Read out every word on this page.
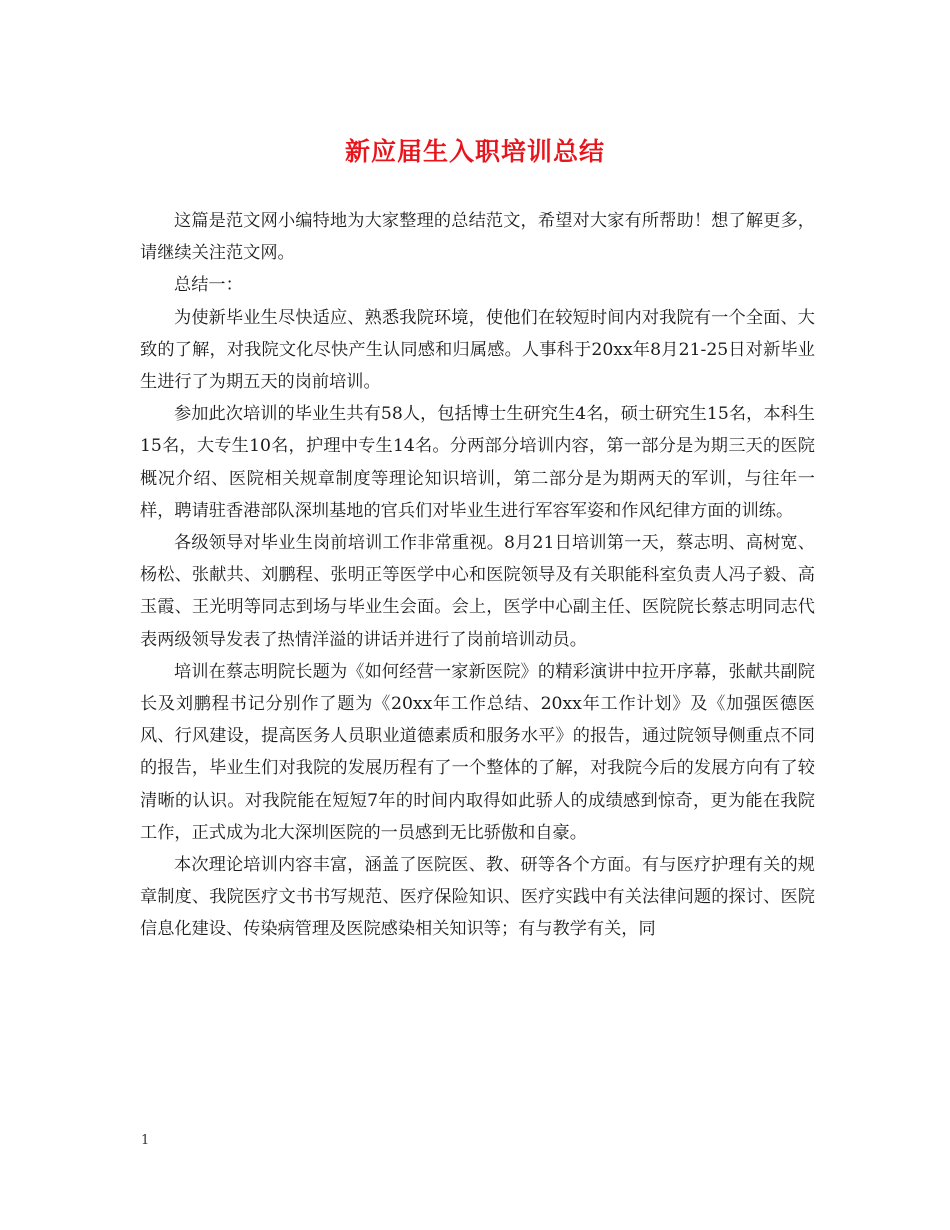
新应届生入职培训总结

这篇是范文网小编特地为大家整理的总结范文，希望对大家有所帮助！想了解更多，请继续关注范文网。

总结一：

为使新毕业生尽快适应、熟悉我院环境，使他们在较短时间内对我院有一个全面、大致的了解，对我院文化尽快产生认同感和归属感。人事科于20xx年8月21-25日对新毕业生进行了为期五天的岗前培训。

参加此次培训的毕业生共有58人，包括博士生研究生4名，硕士研究生15名，本科生15名，大专生10名，护理中专生14名。分两部分培训内容，第一部分是为期三天的医院概况介绍、医院相关规章制度等理论知识培训，第二部分是为期两天的军训，与往年一样，聘请驻香港部队深圳基地的官兵们对毕业生进行军容军姿和作风纪律方面的训练。

各级领导对毕业生岗前培训工作非常重视。8月21日培训第一天，蔡志明、高树宽、杨松、张献共、刘鹏程、张明正等医学中心和医院领导及有关职能科室负责人冯子毅、高玉霞、王光明等同志到场与毕业生会面。会上，医学中心副主任、医院院长蔡志明同志代表两级领导发表了热情洋溢的讲话并进行了岗前培训动员。

培训在蔡志明院长题为《如何经营一家新医院》的精彩演讲中拉开序幕，张献共副院长及刘鹏程书记分别作了题为《20xx年工作总结、20xx年工作计划》及《加强医德医风、行风建设，提高医务人员职业道德素质和服务水平》的报告，通过院领导侧重点不同的报告，毕业生们对我院的发展历程有了一个整体的了解，对我院今后的发展方向有了较清晰的认识。对我院能在短短7年的时间内取得如此骄人的成绩感到惊奇，更为能在我院工作，正式成为北大深圳医院的一员感到无比骄傲和自豪。

本次理论培训内容丰富，涵盖了医院医、教、研等各个方面。有与医疗护理有关的规章制度、我院医疗文书书写规范、医疗保险知识、医疗实践中有关法律问题的探讨、医院信息化建设、传染病管理及医院感染相关知识等；有与教学有关，同

1
